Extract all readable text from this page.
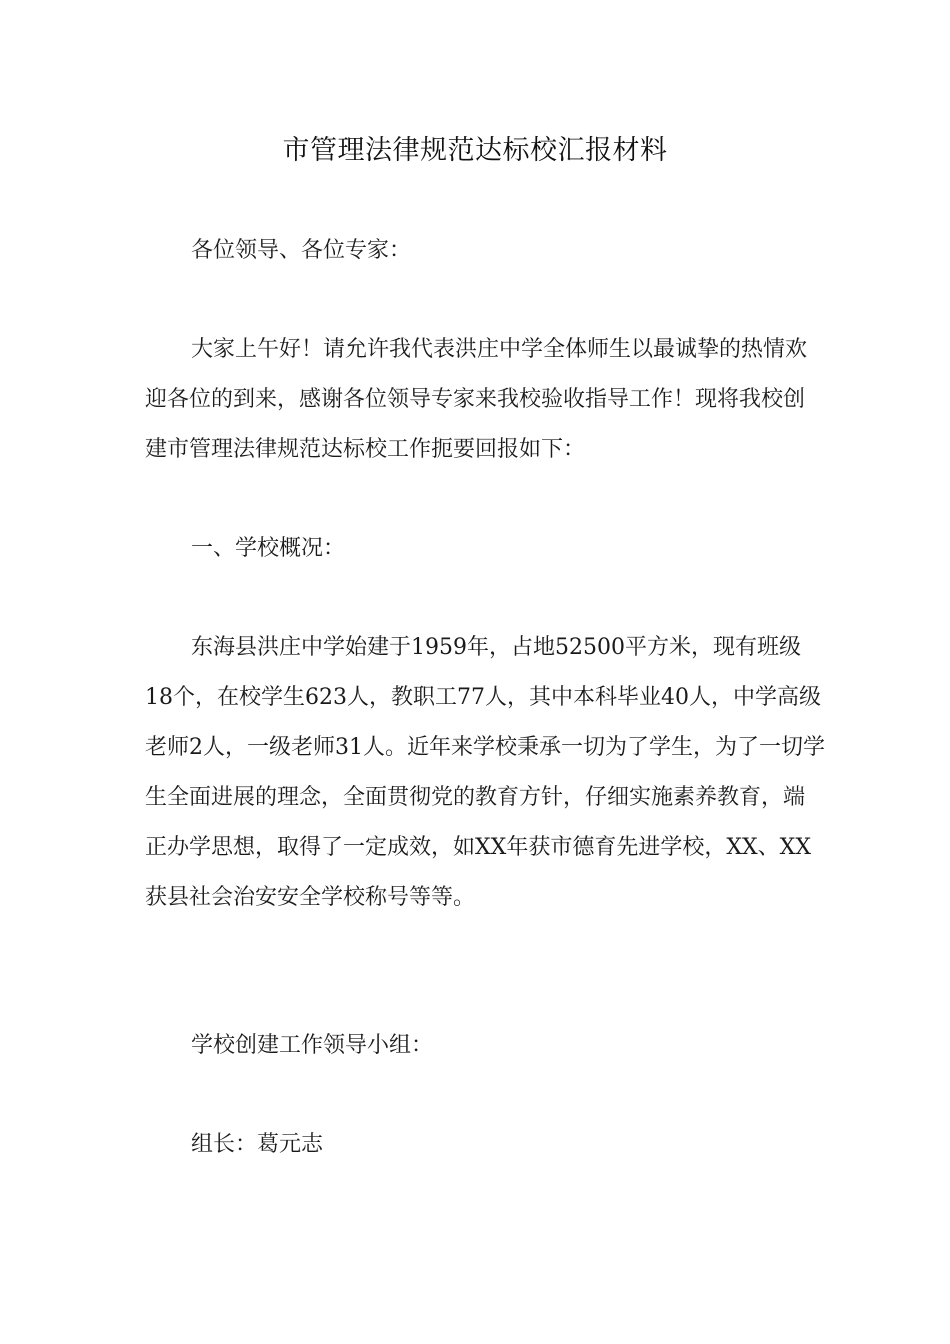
市管理法律规范达标校汇报材料

各位领导、各位专家：

大家上午好！请允许我代表洪庄中学全体师生以最诚挚的热情欢迎各位的到来，感谢各位领导专家来我校验收指导工作！现将我校创建市管理法律规范达标校工作扼要回报如下：

一、学校概况：

东海县洪庄中学始建于1959年，占地52500平方米，现有班级18个，在校学生623人，教职工77人，其中本科毕业40人，中学高级老师2人，一级老师31人。近年来学校秉承一切为了学生，为了一切学生全面进展的理念，全面贯彻党的教育方针，仔细实施素养教育，端正办学思想，取得了一定成效，如XX年获市德育先进学校，XX、XX获县社会治安安全学校称号等等。

学校创建工作领导小组：

组长：葛元志
